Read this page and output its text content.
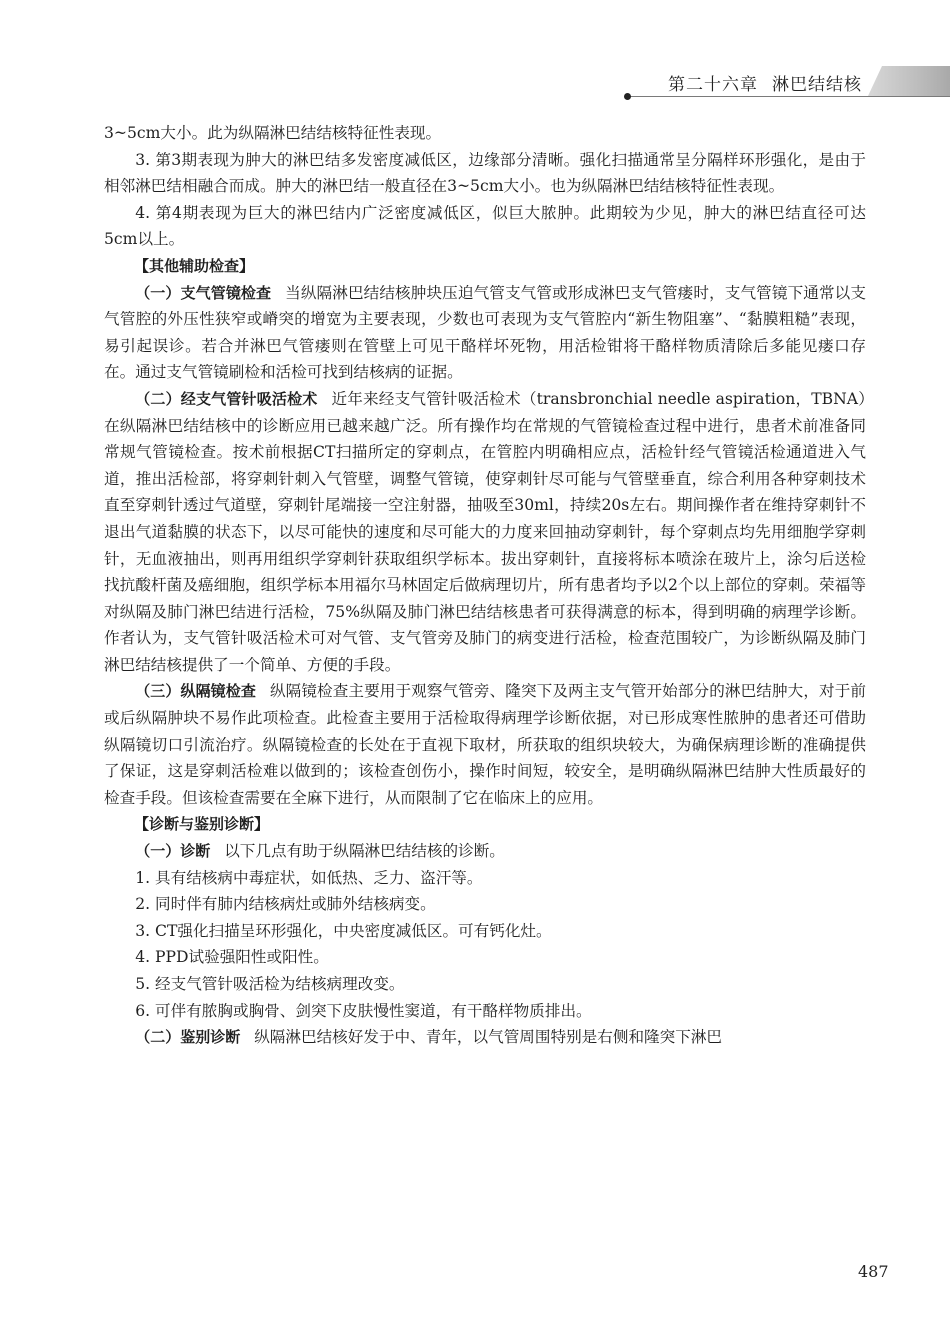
第二十六章 淋巴结结核

3~5cm大小。此为纵隔淋巴结结核特征性表现。

3. 第3期表现为肿大的淋巴结多发密度减低区，边缘部分清晰。强化扫描通常呈分隔样环形强化，是由于相邻淋巴结相融合而成。肿大的淋巴结一般直径在3~5cm大小。也为纵隔淋巴结结核特征性表现。

4. 第4期表现为巨大的淋巴结内广泛密度减低区，似巨大脓肿。此期较为少见，肿大的淋巴结直径可达5cm以上。

【其他辅助检查】

（一）支气管镜检查 当纵隔淋巴结结核肿块压迫气管支气管或形成淋巴支气管瘘时，支气管镜下通常以支气管腔的外压性狭窄或嵴突的增宽为主要表现，少数也可表现为支气管腔内“新生物阻塞”、“黏膜粗糙”表现，易引起误诊。若合并淋巴气管瘘则在管壁上可见干酪样坏死物，用活检钳将干酪样物质清除后多能见瘘口存在。通过支气管镜刷检和活检可找到结核病的证据。

（二）经支气管针吸活检术 近年来经支气管针吸活检术（transbronchial needle aspiration，TBNA）在纵隔淋巴结结核中的诊断应用已越来越广泛。所有操作均在常规的气管镜检查过程中进行，患者术前准备同常规气管镜检查。按术前根据CT扫描所定的穿刺点，在管腔内明确相应点，活检针经气管镜活检通道进入气道，推出活检部，将穿刺针刺入气管壁，调整气管镜，使穿刺针尽可能与气管壁垂直，综合利用各种穿刺技术直至穿刺针透过气道壁，穿刺针尾端接一空注射器，抽吸至30ml，持续20s左右。期间操作者在维持穿刺针不退出气道黏膜的状态下，以尽可能快的速度和尽可能大的力度来回抽动穿刺针，每个穿刺点均先用细胞学穿刺针，无血液抽出，则再用组织学穿刺针获取组织学标本。拔出穿刺针，直接将标本喷涂在玻片上，涂匀后送检找抗酸杆菌及癌细胞，组织学标本用福尔马林固定后做病理切片，所有患者均予以2个以上部位的穿刺。荣福等对纵隔及肺门淋巴结进行活检，75%纵隔及肺门淋巴结结核患者可获得满意的标本，得到明确的病理学诊断。作者认为，支气管针吸活检术可对气管、支气管旁及肺门的病变进行活检，检查范围较广，为诊断纵隔及肺门淋巴结结核提供了一个简单、方便的手段。

（三）纵隔镜检查 纵隔镜检查主要用于观察气管旁、隆突下及两主支气管开始部分的淋巴结肿大，对于前或后纵隔肿块不易作此项检查。此检查主要用于活检取得病理学诊断依据，对已形成寒性脓肿的患者还可借助纵隔镜切口引流治疗。纵隔镜检查的长处在于直视下取材，所获取的组织块较大，为确保病理诊断的准确提供了保证，这是穿刺活检难以做到的；该检查创伤小，操作时间短，较安全，是明确纵隔淋巴结肿大性质最好的检查手段。但该检查需要在全麻下进行，从而限制了它在临床上的应用。

【诊断与鉴别诊断】

（一）诊断 以下几点有助于纵隔淋巴结结核的诊断。

1. 具有结核病中毒症状，如低热、乏力、盗汗等。

2. 同时伴有肺内结核病灶或肺外结核病变。

3. CT强化扫描呈环形强化，中央密度减低区。可有钙化灶。

4. PPD试验强阳性或阳性。

5. 经支气管针吸活检为结核病理改变。

6. 可伴有脓胸或胸骨、剑突下皮肤慢性窦道，有干酪样物质排出。

（二）鉴别诊断 纵隔淋巴结核好发于中、青年，以气管周围特别是右侧和隆突下淋巴

487
